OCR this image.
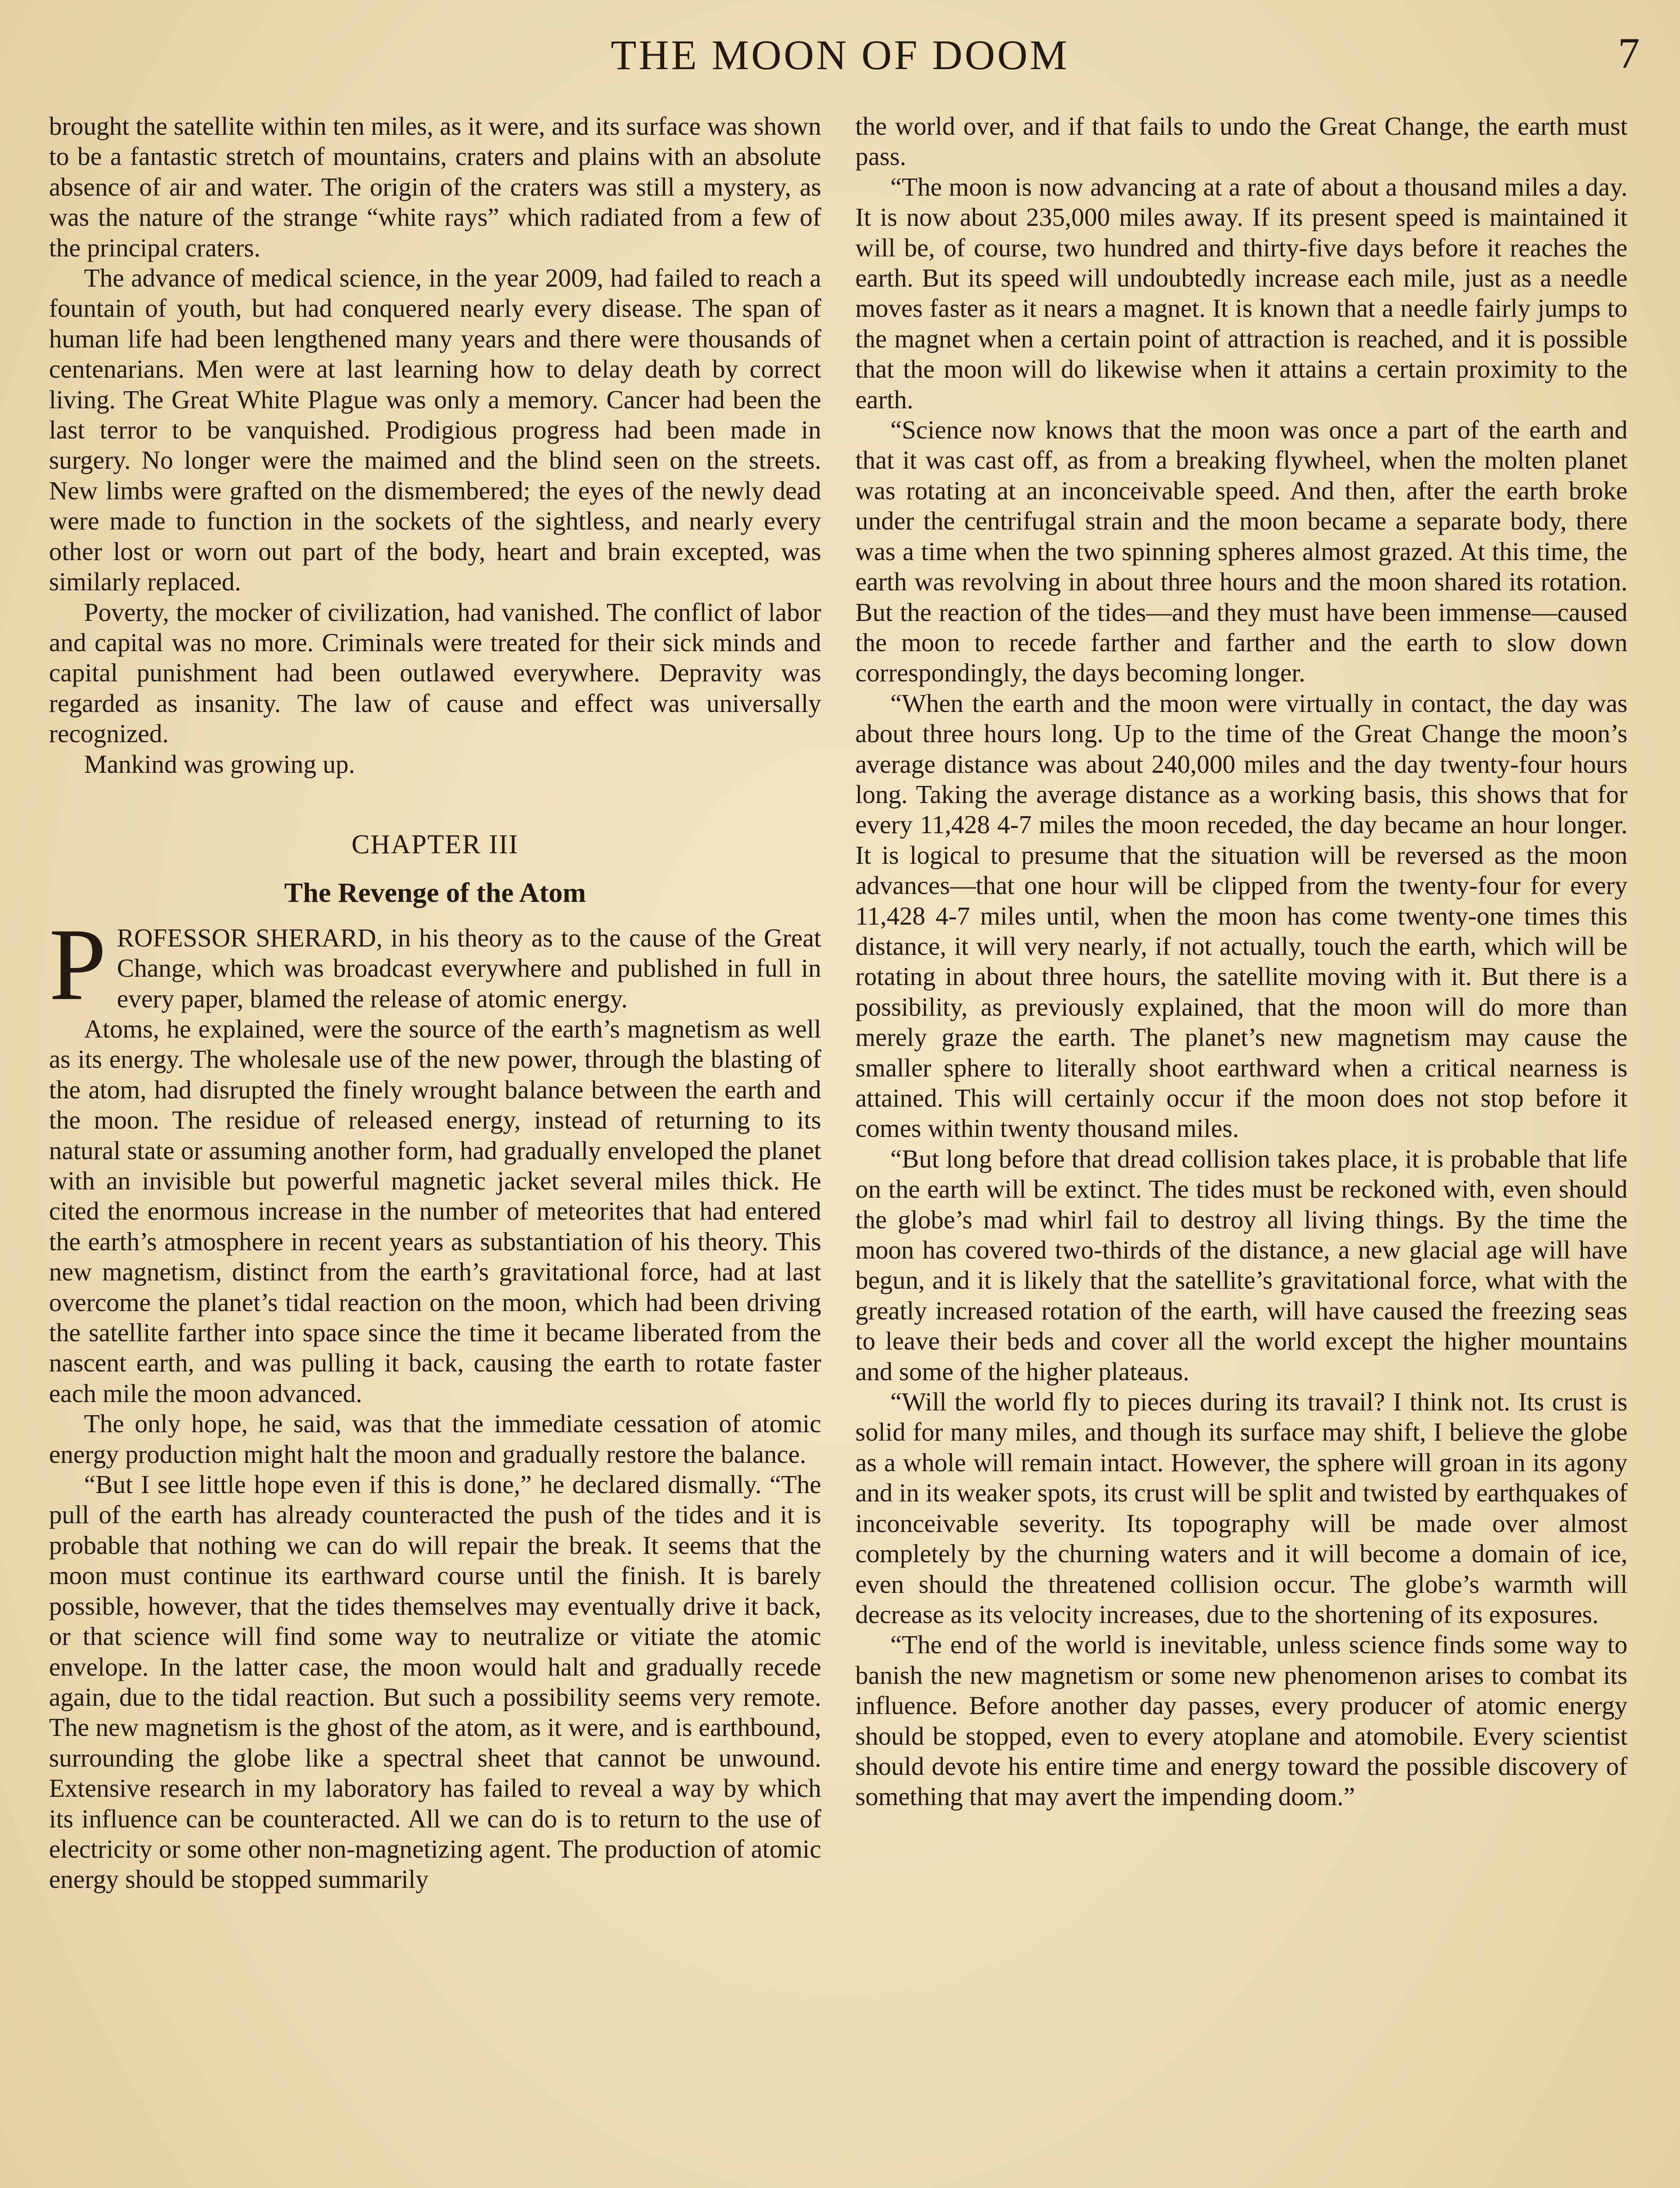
THE MOON OF DOOM	7

brought the satellite within ten miles, as it were, and its surface was shown to be a fantastic stretch of mountains, craters and plains with an absolute absence of air and water. The origin of the craters was still a mystery, as was the nature of the strange “white rays” which radiated from a few of the principal craters.

The advance of medical science, in the year 2009, had failed to reach a fountain of youth, but had conquered nearly every disease. The span of human life had been lengthened many years and there were thousands of centenarians. Men were at last learning how to delay death by correct living. The Great White Plague was only a memory. Cancer had been the last terror to be vanquished. Prodigious progress had been made in surgery. No longer were the maimed and the blind seen on the streets. New limbs were grafted on the dismembered; the eyes of the newly dead were made to function in the sockets of the sightless, and nearly every other lost or worn out part of the body, heart and brain excepted, was similarly replaced.

Poverty, the mocker of civilization, had vanished. The conflict of labor and capital was no more. Criminals were treated for their sick minds and capital punishment had been outlawed everywhere. Depravity was regarded as insanity. The law of cause and effect was universally recognized.

Mankind was growing up.

CHAPTER III
The Revenge of the Atom

PROFESSOR SHERARD, in his theory as to the cause of the Great Change, which was broadcast everywhere and published in full in every paper, blamed the release of atomic energy.

Atoms, he explained, were the source of the earth’s magnetism as well as its energy. The wholesale use of the new power, through the blasting of the atom, had disrupted the finely wrought balance between the earth and the moon. The residue of released energy, instead of returning to its natural state or assuming another form, had gradually enveloped the planet with an invisible but powerful magnetic jacket several miles thick. He cited the enormous increase in the number of meteorites that had entered the earth’s atmosphere in recent years as substantiation of his theory. This new magnetism, distinct from the earth’s gravitational force, had at last overcome the planet’s tidal reaction on the moon, which had been driving the satellite farther into space since the time it became liberated from the nascent earth, and was pulling it back, causing the earth to rotate faster each mile the moon advanced.

The only hope, he said, was that the immediate cessation of atomic energy production might halt the moon and gradually restore the balance.

“But I see little hope even if this is done,” he declared dismally. “The pull of the earth has already counteracted the push of the tides and it is probable that nothing we can do will repair the break. It seems that the moon must continue its earthward course until the finish. It is barely possible, however, that the tides themselves may eventually drive it back, or that science will find some way to neutralize or vitiate the atomic envelope. In the latter case, the moon would halt and gradually recede again, due to the tidal reaction. But such a possibility seems very remote. The new magnetism is the ghost of the atom, as it were, and is earthbound, surrounding the globe like a spectral sheet that cannot be unwound. Extensive research in my laboratory has failed to reveal a way by which its influence can be counteracted. All we can do is to return to the use of electricity or some other non-magnetizing agent. The production of atomic energy should be stopped summarily

the world over, and if that fails to undo the Great Change, the earth must pass.

“The moon is now advancing at a rate of about a thousand miles a day. It is now about 235,000 miles away. If its present speed is maintained it will be, of course, two hundred and thirty-five days before it reaches the earth. But its speed will undoubtedly increase each mile, just as a needle moves faster as it nears a magnet. It is known that a needle fairly jumps to the magnet when a certain point of attraction is reached, and it is possible that the moon will do likewise when it attains a certain proximity to the earth.

“Science now knows that the moon was once a part of the earth and that it was cast off, as from a breaking flywheel, when the molten planet was rotating at an inconceivable speed. And then, after the earth broke under the centrifugal strain and the moon became a separate body, there was a time when the two spinning spheres almost grazed. At this time, the earth was revolving in about three hours and the moon shared its rotation. But the reaction of the tides—and they must have been immense—caused the moon to recede farther and farther and the earth to slow down correspondingly, the days becoming longer.

“When the earth and the moon were virtually in contact, the day was about three hours long. Up to the time of the Great Change the moon’s average distance was about 240,000 miles and the day twenty-four hours long. Taking the average distance as a working basis, this shows that for every 11,428 4-7 miles the moon receded, the day became an hour longer. It is logical to presume that the situation will be reversed as the moon advances—that one hour will be clipped from the twenty-four for every 11,428 4-7 miles until, when the moon has come twenty-one times this distance, it will very nearly, if not actually, touch the earth, which will be rotating in about three hours, the satellite moving with it. But there is a possibility, as previously explained, that the moon will do more than merely graze the earth. The planet’s new magnetism may cause the smaller sphere to literally shoot earthward when a critical nearness is attained. This will certainly occur if the moon does not stop before it comes within twenty thousand miles.

“But long before that dread collision takes place, it is probable that life on the earth will be extinct. The tides must be reckoned with, even should the globe’s mad whirl fail to destroy all living things. By the time the moon has covered two-thirds of the distance, a new glacial age will have begun, and it is likely that the satellite’s gravitational force, what with the greatly increased rotation of the earth, will have caused the freezing seas to leave their beds and cover all the world except the higher mountains and some of the higher plateaus.

“Will the world fly to pieces during its travail? I think not. Its crust is solid for many miles, and though its surface may shift, I believe the globe as a whole will remain intact. However, the sphere will groan in its agony and in its weaker spots, its crust will be split and twisted by earthquakes of inconceivable severity. Its topography will be made over almost completely by the churning waters and it will become a domain of ice, even should the threatened collision occur. The globe’s warmth will decrease as its velocity increases, due to the shortening of its exposures.

“The end of the world is inevitable, unless science finds some way to banish the new magnetism or some new phenomenon arises to combat its influence. Before another day passes, every producer of atomic energy should be stopped, even to every atoplane and atomobile. Every scientist should devote his entire time and energy toward the possible discovery of something that may avert the impending doom.”
